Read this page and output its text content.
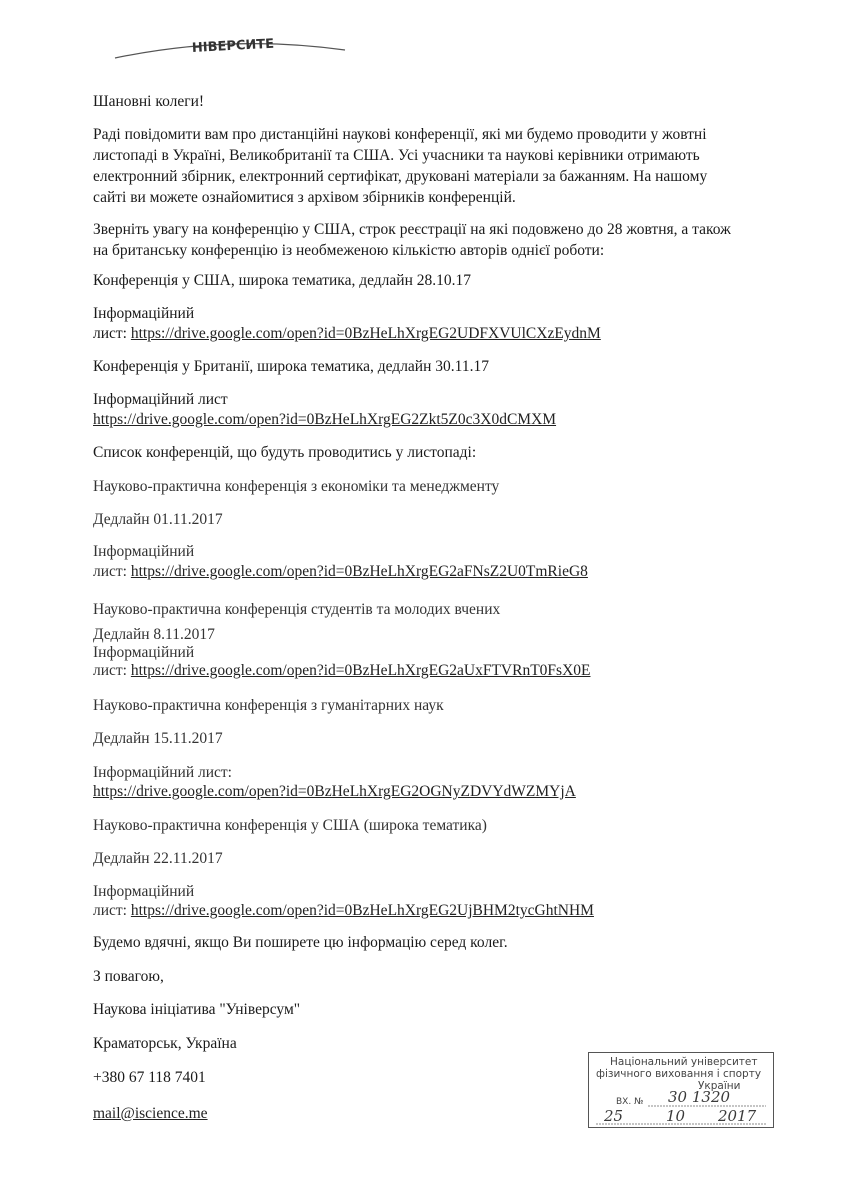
НІВЕРСИТЕ
Шановні колеги!
Раді повідомити вам про дистанційні наукові конференції, які ми будемо проводити у жовтні листопаді в Україні, Великобританії та США. Усі учасники та наукові керівники отримають електронний збірник, електронний сертифікат, друковані матеріали за бажанням. На нашому сайті ви можете ознайомитися з архівом збірників конференцій.
Зверніть увагу на конференцію у США, строк реєстрації на які подовжено до 28 жовтня, а також на британську конференцію із необмеженою кількістю авторів однієї роботи:
Конференція у США, широка тематика, дедлайн 28.10.17
Інформаційний
лист: https://drive.google.com/open?id=0BzHeLhXrgEG2UDFXVUlCXzEydnM
Конференція у Британії, широка тематика, дедлайн 30.11.17
Інформаційний лист
https://drive.google.com/open?id=0BzHeLhXrgEG2Zkt5Z0c3X0dCMXM
Список конференцій, що будуть проводитись у листопаді:
Науково-практична конференція з економіки та менеджменту
Дедлайн 01.11.2017
Інформаційний
лист: https://drive.google.com/open?id=0BzHeLhXrgEG2aFNsZ2U0TmRieG8
Науково-практична конференція студентів та молодих вчених
Дедлайн 8.11.2017
Інформаційний
лист: https://drive.google.com/open?id=0BzHeLhXrgEG2aUxFTVRnT0FsX0E
Науково-практична конференція з гуманітарних наук
Дедлайн 15.11.2017
Інформаційний лист:
https://drive.google.com/open?id=0BzHeLhXrgEG2OGNyZDVYdWZMYjA
Науково-практична конференція у США (широка тематика)
Дедлайн 22.11.2017
Інформаційний
лист: https://drive.google.com/open?id=0BzHeLhXrgEG2UjBHM2tycGhtNHM
Будемо вдячні, якщо Ви поширете цю інформацію серед колег.
З повагою,
Наукова ініціатива "Універсум"
Краматорськ, Україна
+380 67 118 7401
mail@iscience.me
Національний університет
фізичного виховання і спорту
України
ВХ. № 30 1320
25	10 2017
